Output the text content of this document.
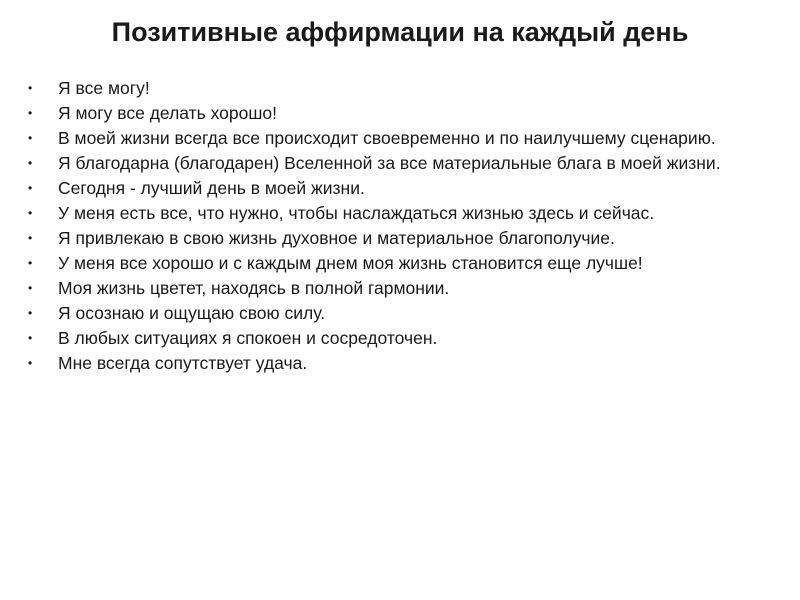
Позитивные аффирмации на каждый день
• Я все могу!
• Я могу все делать хорошо!
• В моей жизни всегда все происходит своевременно и по наилучшему сценарию.
• Я благодарна (благодарен) Вселенной за все материальные блага в моей жизни.
• Сегодня - лучший день в моей жизни.
• У меня есть все, что нужно, чтобы наслаждаться жизнью здесь и сейчас.
• Я привлекаю в свою жизнь духовное и материальное благополучие.
• У меня все хорошо и с каждым днем моя жизнь становится еще лучше!
• Моя жизнь цветет, находясь в полной гармонии.
• Я осознаю и ощущаю свою силу.
• В любых ситуациях я спокоен и сосредоточен.
• Мне всегда сопутствует удача.
